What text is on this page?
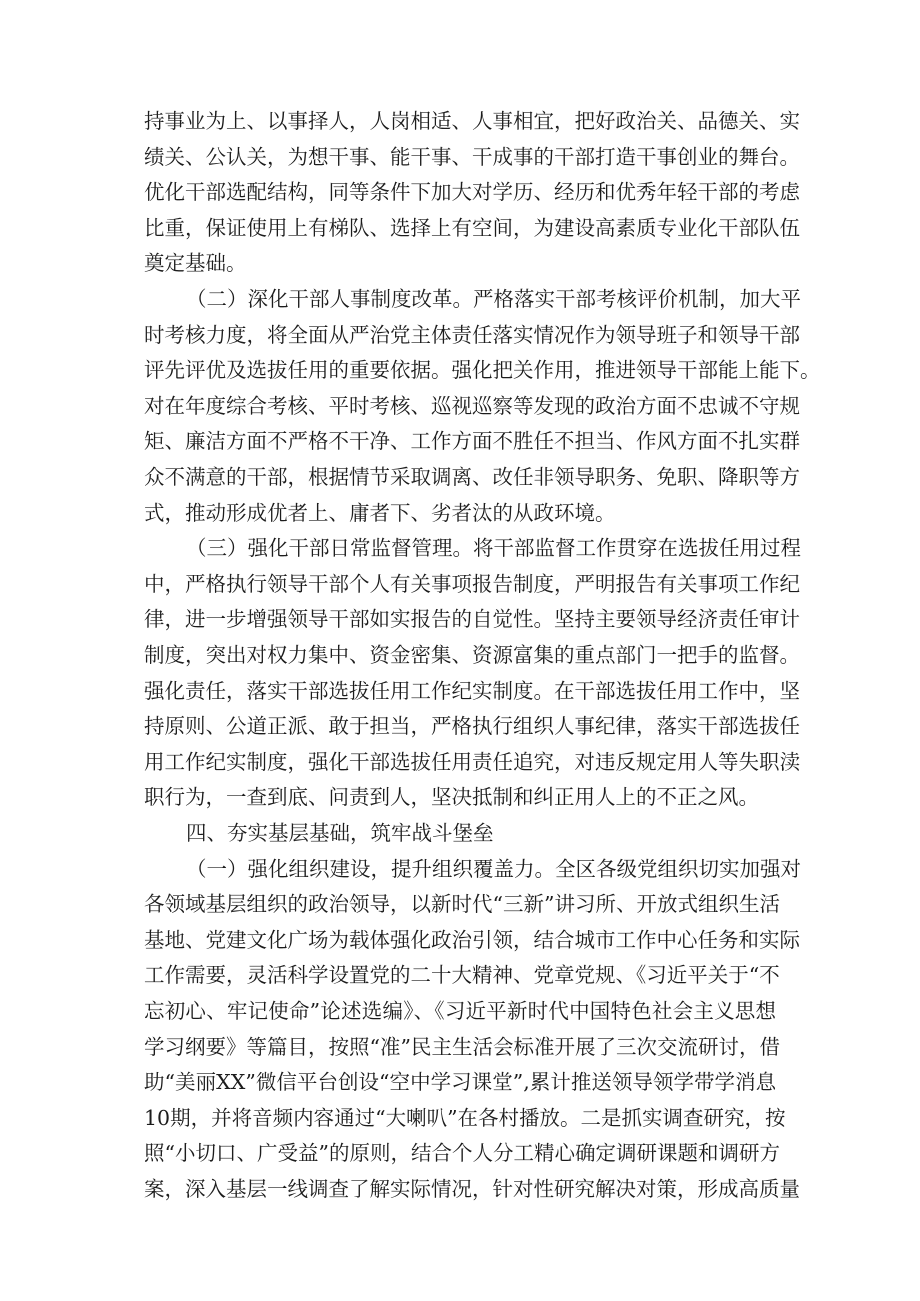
持事业为上、以事择人，人岗相适、人事相宜，把好政治关、品德关、实
绩关、公认关，为想干事、能干事、干成事的干部打造干事创业的舞台。
优化干部选配结构，同等条件下加大对学历、经历和优秀年轻干部的考虑
比重，保证使用上有梯队、选择上有空间，为建设高素质专业化干部队伍
奠定基础。
（二）深化干部人事制度改革。严格落实干部考核评价机制，加大平
时考核力度，将全面从严治党主体责任落实情况作为领导班子和领导干部
评先评优及选拔任用的重要依据。强化把关作用，推进领导干部能上能下。
对在年度综合考核、平时考核、巡视巡察等发现的政治方面不忠诚不守规
矩、廉洁方面不严格不干净、工作方面不胜任不担当、作风方面不扎实群
众不满意的干部，根据情节采取调离、改任非领导职务、免职、降职等方
式，推动形成优者上、庸者下、劣者汰的从政环境。
（三）强化干部日常监督管理。将干部监督工作贯穿在选拔任用过程
中，严格执行领导干部个人有关事项报告制度，严明报告有关事项工作纪
律，进一步增强领导干部如实报告的自觉性。坚持主要领导经济责任审计
制度，突出对权力集中、资金密集、资源富集的重点部门一把手的监督。
强化责任，落实干部选拔任用工作纪实制度。在干部选拔任用工作中，坚
持原则、公道正派、敢于担当，严格执行组织人事纪律，落实干部选拔任
用工作纪实制度，强化干部选拔任用责任追究，对违反规定用人等失职渎
职行为，一查到底、问责到人，坚决抵制和纠正用人上的不正之风。
四、夯实基层基础，筑牢战斗堡垒
（一）强化组织建设，提升组织覆盖力。全区各级党组织切实加强对
各领域基层组织的政治领导，以新时代“三新”讲习所、开放式组织生活
基地、党建文化广场为载体强化政治引领，结合城市工作中心任务和实际
工作需要，灵活科学设置党的二十大精神、党章党规、《习近平关于“不
忘初心、牢记使命”论述选编》、《习近平新时代中国特色社会主义思想
学习纲要》等篇目，按照“准”民主生活会标准开展了三次交流研讨，借
助“美丽XX”微信平台创设“空中学习课堂”,累计推送领导领学带学消息
10期，并将音频内容通过“大喇叭”在各村播放。二是抓实调查研究，按
照“小切口、广受益”的原则，结合个人分工精心确定调研课题和调研方
案，深入基层一线调查了解实际情况，针对性研究解决对策，形成高质量
